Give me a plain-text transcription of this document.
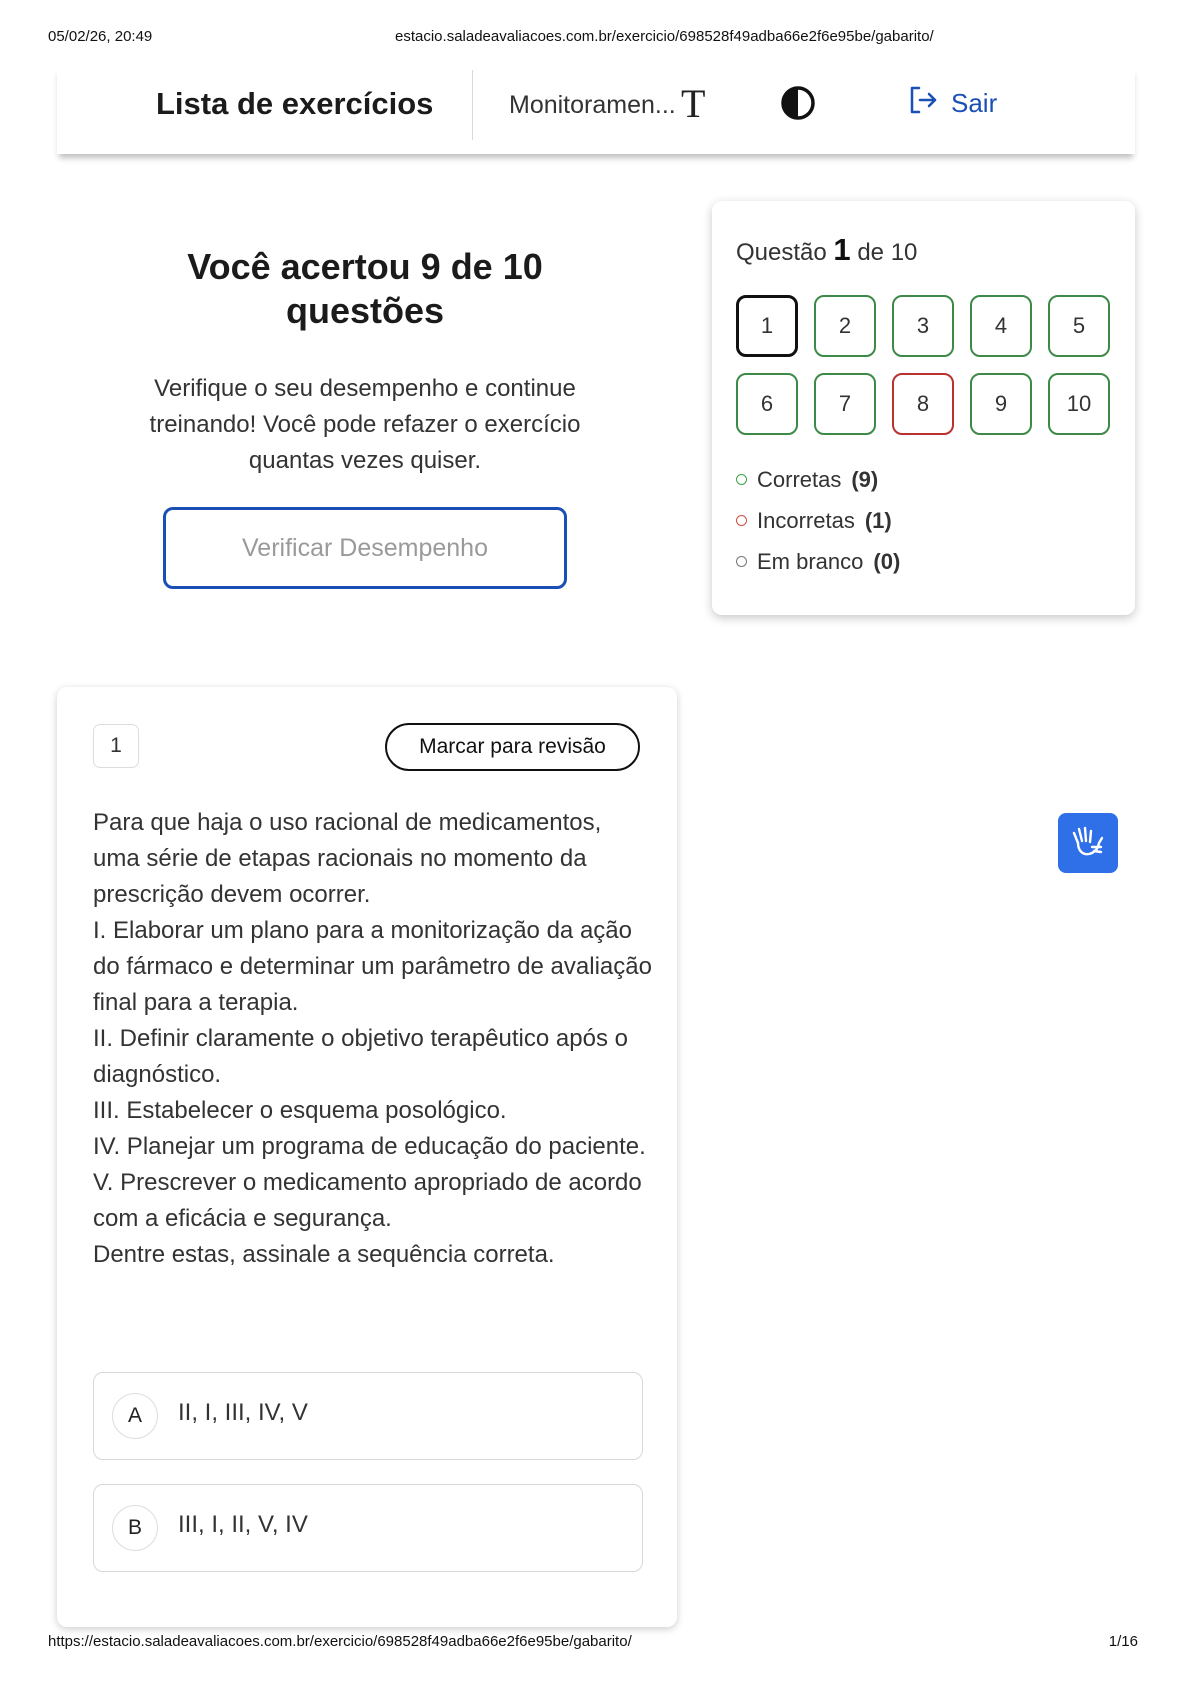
05/02/26, 20:49	estacio.saladeavaliacoes.com.br/exercicio/698528f49adba66e2f6e95be/gabarito/
Lista de exercícios	Monitoramen... T	Sair
Você acertou 9 de 10 questões

Verifique o seu desempenho e continue treinando! Você pode refazer o exercício quantas vezes quiser.

Verificar Desempenho
Questão 1 de 10
1	2	3	4	5
6	7	8	9	10
Corretas (9)
Incorretas (1)
Em branco (0)
1	Marcar para revisão
Para que haja o uso racional de medicamentos, uma série de etapas racionais no momento da prescrição devem ocorrer.
I. Elaborar um plano para a monitorização da ação do fármaco e determinar um parâmetro de avaliação final para a terapia.
II. Definir claramente o objetivo terapêutico após o diagnóstico.
III. Estabelecer o esquema posológico.
IV. Planejar um programa de educação do paciente.
V. Prescrever o medicamento apropriado de acordo com a eficácia e segurança.
Dentre estas, assinale a sequência correta.
A	II, I, III, IV, V
B	III, I, II, V, IV
https://estacio.saladeavaliacoes.com.br/exercicio/698528f49adba66e2f6e95be/gabarito/	1/16
